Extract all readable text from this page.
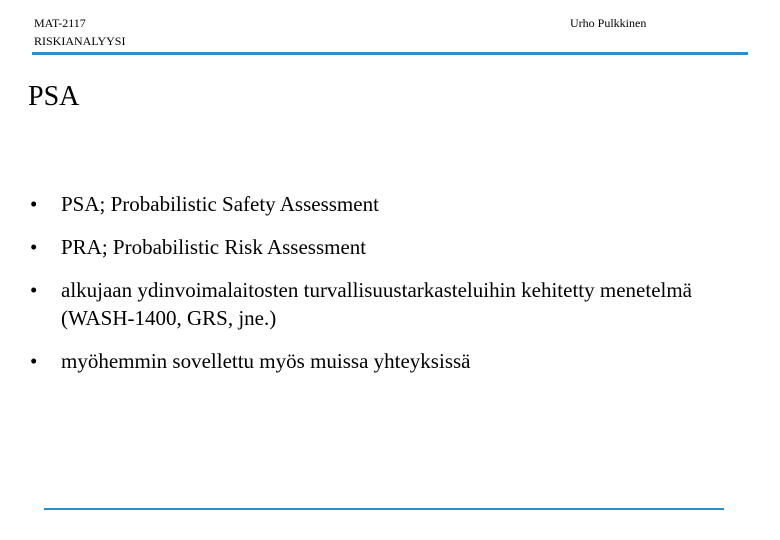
MAT-2117
RISKIANALYYSI
Urho Pulkkinen
PSA
•	PSA; Probabilistic Safety Assessment
•	PRA; Probabilistic Risk Assessment
•	alkujaan ydinvoimalaitosten turvallisuustarkasteluihin kehitetty menetelmä (WASH-1400, GRS, jne.)
•	myöhemmin sovellettu myös muissa yhteyksissä
